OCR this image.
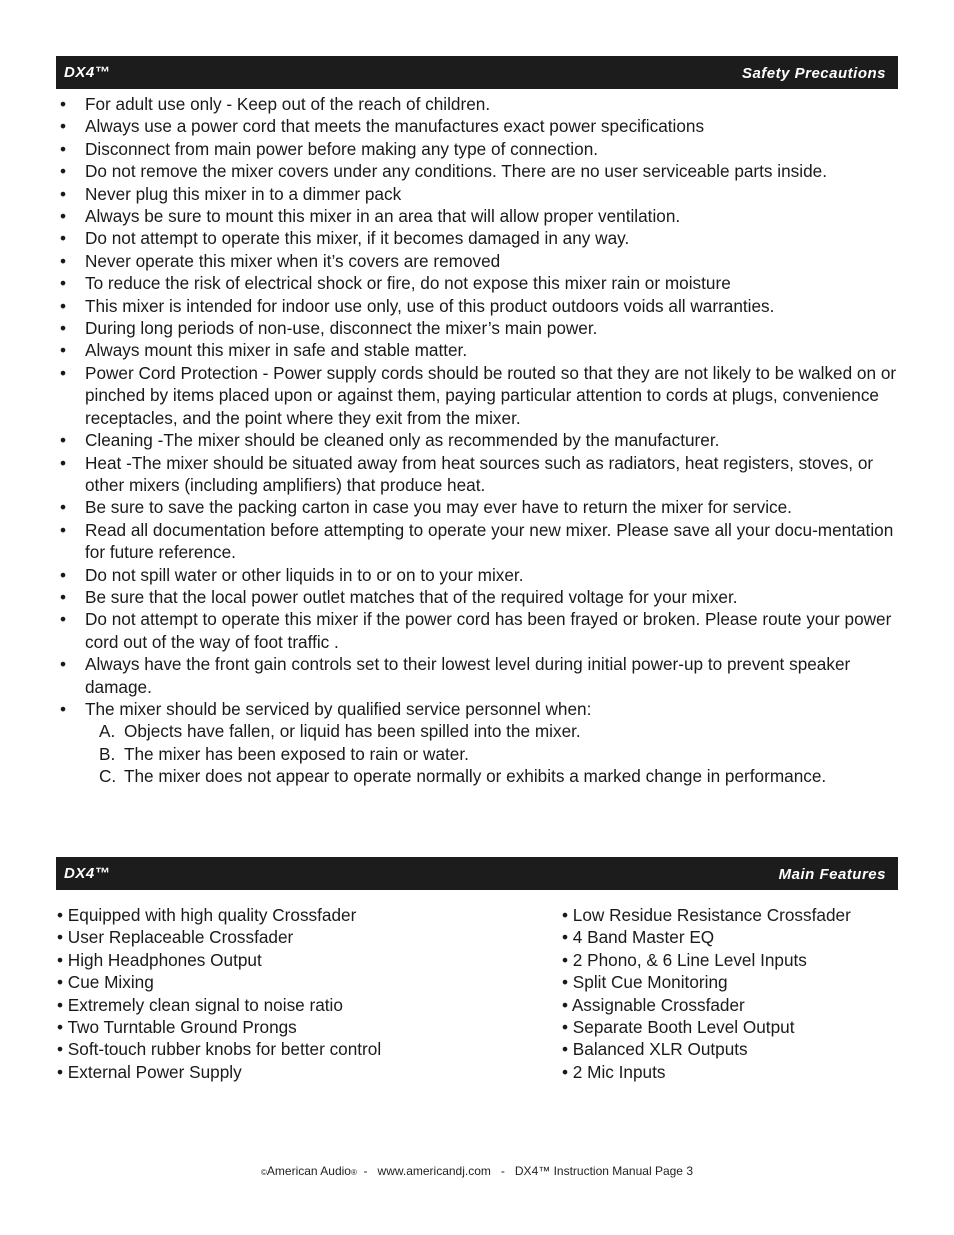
DX4™	Safety Precautions
• For adult use only - Keep out of the reach of children.
• Always use a power cord that meets the manufactures exact power specifications
• Disconnect from main power before making any type of connection.
• Do not remove the mixer covers under any conditions. There are no user serviceable parts inside.
• Never plug this mixer in to a dimmer pack
• Always be sure to mount this mixer in an area that will allow proper ventilation.
• Do not attempt to operate this mixer, if it becomes damaged in any way.
• Never operate this mixer when it’s covers are removed
• To reduce the risk of electrical shock or fire, do not expose this mixer rain or moisture
• This mixer is intended for indoor use only, use of this product outdoors voids all warranties.
• During long periods of non-use, disconnect the mixer’s main power.
• Always mount this mixer in safe and stable matter.
• Power Cord Protection - Power supply cords should be routed so that they are not likely to be walked on or pinched by items placed upon or against them, paying particular attention to cords at plugs, convenience receptacles, and the point where they exit from the mixer.
• Cleaning -The mixer should be cleaned only as recommended by the manufacturer.
• Heat -The mixer should be situated away from heat sources such as radiators, heat registers, stoves, or other mixers (including amplifiers) that produce heat.
• Be sure to save the packing carton in case you may ever have to return the mixer for service.
• Read all documentation before attempting to operate your new mixer. Please save all your docu-mentation for future reference.
• Do not spill water or other liquids in to or on to your mixer.
• Be sure that the local power outlet matches that of the required voltage for your mixer.
• Do not attempt to operate this mixer if the power cord has been frayed or broken. Please route your power cord out of the way of foot traffic .
• Always have the front gain controls set to their lowest level during initial power-up to prevent speaker damage.
• The mixer should be serviced by qualified service personnel when:
A. Objects have fallen, or liquid has been spilled into the mixer.
B. The mixer has been exposed to rain or water.
C. The mixer does not appear to operate normally or exhibits a marked change in performance.
DX4™	Main Features
• Equipped with high quality Crossfader
• User Replaceable Crossfader
• High Headphones Output
• Cue Mixing
• Extremely clean signal to noise ratio
• Two Turntable Ground Prongs
• Soft-touch rubber knobs for better control
• External Power Supply
• Low Residue Resistance Crossfader
• 4 Band Master EQ
• 2 Phono, & 6 Line Level Inputs
• Split Cue Monitoring
• Assignable Crossfader
• Separate Booth Level Output
• Balanced XLR Outputs
• 2 Mic Inputs
©American Audio®  -   www.americandj.com   -   DX4™ Instruction Manual Page 3
